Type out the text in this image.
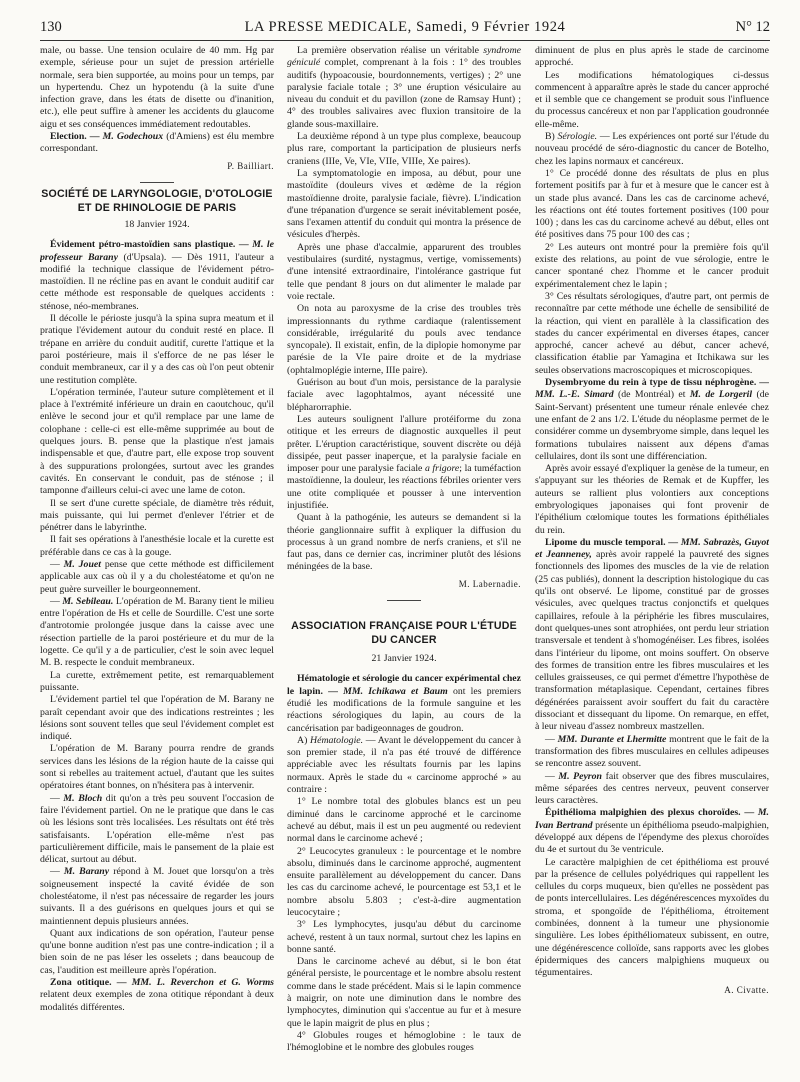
130	LA PRESSE MEDICALE, Samedi, 9 Février 1924	N° 12

male, ou basse. Une tension oculaire de 40 mm. Hg par exemple, sérieuse pour un sujet de pression artérielle normale, sera bien supportée, au moins pour un temps, par un hypertendu. Chez un hypotendu (à la suite d'une infection grave, dans les états de disette ou d'inanition, etc.), elle peut suffire à amener les accidents du glaucome aigu et ses conséquences immédiatement redoutables.

Election. — M. Godechoux (d'Amiens) est élu membre correspondant.

P. Bailliart.
SOCIÉTÉ DE LARYNGOLOGIE, D'OTOLOGIE ET DE RHINOLOGIE DE PARIS
18 Janvier 1924.

Évidement pétro-mastoïdien sans plastique. — M. le professeur Barany (d'Upsala). — Dès 1911, l'auteur a modifié la technique classique de l'évidement pétro-mastoïdien. Il ne récline pas en avant le conduit auditif car cette méthode est responsable de quelques accidents : sténose, néo-membranes.

Il décolle le périoste jusqu'à la spina supra meatum et il pratique l'évidement autour du conduit resté en place. Il trépane en arrière du conduit auditif, curette l'attique et la paroi postérieure, mais il s'efforce de ne pas léser le conduit membraneux, car il y a des cas où l'on peut obtenir une restitution complète.

L'opération terminée, l'auteur suture complètement et il place à l'extrémité inférieure un drain en caoutchouc, qu'il enlève le second jour et qu'il remplace par une lame de colophane : celle-ci est elle-même supprimée au bout de quelques jours. B. pense que la plastique n'est jamais indispensable et que, d'autre part, elle expose trop souvent à des suppurations prolongées, surtout avec les grandes cavités. En conservant le conduit, pas de sténose ; il tamponne d'ailleurs celui-ci avec une lame de coton.

Il se sert d'une curette spéciale, de diamètre très réduit, mais puissante, qui lui permet d'enlever l'étrier et de pénétrer dans le labyrinthe.

Il fait ses opérations à l'anesthésie locale et la curette est préférable dans ce cas à la gouge.

— M. Jouet pense que cette méthode est difficilement applicable aux cas où il y a du cholestéatome et qu'on ne peut guère surveiller le bourgeonnement.

— M. Sebileau. L'opération de M. Barany tient le milieu entre l'opération de Hs et celle de Sourdille. C'est une sorte d'antrotomie prolongée jusque dans la caisse avec une résection partielle de la paroi postérieure et du mur de la logette. Ce qu'il y a de particulier, c'est le soin avec lequel M. B. respecte le conduit membraneux.

La curette, extrêmement petite, est remarquablement puissante.

L'évidement partiel tel que l'opération de M. Barany ne paraît cependant avoir que des indications restreintes ; les lésions sont souvent telles que seul l'évidement complet est indiqué.

L'opération de M. Barany pourra rendre de grands services dans les lésions de la région haute de la caisse qui sont si rebelles au traitement actuel, d'autant que les suites opératoires étant bonnes, on n'hésitera pas à intervenir.

— M. Bloch dit qu'on a très peu souvent l'occasion de faire l'évidement partiel. On ne le pratique que dans le cas où les lésions sont très localisées. Les résultats ont été très satisfaisants. L'opération elle-même n'est pas particulièrement difficile, mais le pansement de la plaie est délicat, surtout au début.

— M. Barany répond à M. Jouet que lorsqu'on a très soigneusement inspecté la cavité évidée de son cholestéatome, il n'est pas nécessaire de regarder les jours suivants. Il a des guérisons en quelques jours et qui se maintiennent depuis plusieurs années.

Quant aux indications de son opération, l'auteur pense qu'une bonne audition n'est pas une contre-indication ; il a bien soin de ne pas léser les osselets ; dans beaucoup de cas, l'audition est meilleure après l'opération.

Zona otitique. — MM. L. Reverchon et G. Worms relatent deux exemples de zona otitique répondant à deux modalités différentes.

La première observation réalise un véritable syndrome géniculé complet, comprenant à la fois : 1° des troubles auditifs (hypoacousie, bourdonnements, vertiges) ; 2° une paralysie faciale totale ; 3° une éruption vésiculaire au niveau du conduit et du pavillon (zone de Ramsay Hunt) ; 4° des troubles salivaires avec fluxion transitoire de la glande sous-maxillaire.

La deuxième répond à un type plus complexe, beaucoup plus rare, comportant la participation de plusieurs nerfs craniens (IIIe, Ve, VIe, VIIe, VIIIe, Xe paires).

La symptomatologie en imposa, au début, pour une mastoïdite (douleurs vives et œdème de la région mastoïdienne droite, paralysie faciale, fièvre). L'indication d'une trépanation d'urgence se serait inévitablement posée, sans l'examen attentif du conduit qui montra la présence de vésicules d'herpès.

Après une phase d'accalmie, apparurent des troubles vestibulaires (surdité, nystagmus, vertige, vomissements) d'une intensité extraordinaire, l'intolérance gastrique fut telle que pendant 8 jours on dut alimenter le malade par voie rectale.

On nota au paroxysme de la crise des troubles très impressionnants du rythme cardiaque (ralentissement considérable, irrégularité du pouls avec tendance syncopale). Il existait, enfin, de la diplopie homonyme par parésie de la VIe paire droite et de la mydriase (ophtalmoplégie interne, IIIe paire).

Guérison au bout d'un mois, persistance de la paralysie faciale avec lagophtalmos, ayant nécessité une blépharorraphie.

Les auteurs soulignent l'allure protéiforme du zona otitique et les erreurs de diagnostic auxquelles il peut prêter. L'éruption caractéristique, souvent discrète ou déjà dissipée, peut passer inaperçue, et la paralysie faciale en imposer pour une paralysie faciale a frigore; la tuméfaction mastoïdienne, la douleur, les réactions fébriles orienter vers une otite compliquée et pousser à une intervention injustifiée.

Quant à la pathogénie, les auteurs se demandent si la théorie ganglionnaire suffit à expliquer la diffusion du processus à un grand nombre de nerfs craniens, et s'il ne faut pas, dans ce dernier cas, incriminer plutôt des lésions méningées de la base.

M. Labernadie.
ASSOCIATION FRANÇAISE POUR L'ÉTUDE DU CANCER
21 Janvier 1924.

Hématologie et sérologie du cancer expérimental chez le lapin. — MM. Ichikawa et Baum ont les premiers étudié les modifications de la formule sanguine et les réactions sérologiques du lapin, au cours de la cancérisation par badigeonnages de goudron.

A) Hématologie. — Avant le développement du cancer à son premier stade, il n'a pas été trouvé de différence appréciable avec les résultats fournis par les lapins normaux. Après le stade du « carcinome approché » au contraire :

1° Le nombre total des globules blancs est un peu diminué dans le carcinome approché et le carcinome achevé au début, mais il est un peu augmenté ou redevient normal dans le carcinome achevé ;

2° Leucocytes granuleux : le pourcentage et le nombre absolu, diminués dans le carcinome approché, augmentent ensuite parallèlement au développement du cancer. Dans les cas du carcinome achevé, le pourcentage est 53,1 et le nombre absolu 5.803 ; c'est-à-dire augmentation leucocytaire ;

3° Les lymphocytes, jusqu'au début du carcinome achevé, restent à un taux normal, surtout chez les lapins en bonne santé.

Dans le carcinome achevé au début, si le bon état général persiste, le pourcentage et le nombre absolu restent comme dans le stade précédent. Mais si le lapin commence à maigrir, on note une diminution dans le nombre des lymphocytes, diminution qui s'accentue au fur et à mesure que le lapin maigrit de plus en plus ;

4° Globules rouges et hémoglobine : le taux de l'hémoglobine et le nombre des globules rouges

diminuent de plus en plus après le stade de carcinome approché.

Les modifications hématologiques ci-dessus commencent à apparaître après le stade du cancer approché et il semble que ce changement se produit sous l'influence du processus cancéreux et non par l'application goudronnée elle-même.

B) Sérologie. — Les expériences ont porté sur l'étude du nouveau procédé de séro-diagnostic du cancer de Botelho, chez les lapins normaux et cancéreux.

1° Ce procédé donne des résultats de plus en plus fortement positifs par à fur et à mesure que le cancer est à un stade plus avancé. Dans les cas de carcinome achevé, les réactions ont été toutes fortement positives (100 pour 100) ; dans les cas du carcinome achevé au début, elles ont été positives dans 75 pour 100 des cas ;

2° Les auteurs ont montré pour la première fois qu'il existe des relations, au point de vue sérologie, entre le cancer spontané chez l'homme et le cancer produit expérimentalement chez le lapin ;

3° Ces résultats sérologiques, d'autre part, ont permis de reconnaître par cette méthode une échelle de sensibilité de la réaction, qui vient en parallèle à la classification des stades du cancer expérimental en diverses étapes, cancer approché, cancer achevé au début, cancer achevé, classification établie par Yamagina et Itchikawa sur les seules observations macroscopiques et microscopiques.

Dysembryome du rein à type de tissu néphrogène. — MM. L.-E. Simard (de Montréal) et M. de Lorgeril (de Saint-Servant) présentent une tumeur rénale enlevée chez une enfant de 2 ans 1/2. L'étude du néoplasme permet de le considérer comme un dysembryome simple, dans lequel les formations tubulaires naissent aux dépens d'amas cellulaires, dont ils sont une différenciation.

Après avoir essayé d'expliquer la genèse de la tumeur, en s'appuyant sur les théories de Remak et de Kupffer, les auteurs se rallient plus volontiers aux conceptions embryologiques japonaises qui font provenir de l'épithélium cœlomique toutes les formations épithéliales du rein.

Lipome du muscle temporal. — MM. Sabrazès, Guyot et Jeanneney, après avoir rappelé la pauvreté des signes fonctionnels des lipomes des muscles de la vie de relation (25 cas publiés), donnent la description histologique du cas qu'ils ont observé. Le lipome, constitué par de grosses vésicules, avec quelques tractus conjonctifs et quelques capillaires, refoule à la périphérie les fibres musculaires, dont quelques-unes sont atrophiées, ont perdu leur striation transversale et tendent à s'homogénéiser. Les fibres, isolées dans l'intérieur du lipome, ont moins souffert. On observe des formes de transition entre les fibres musculaires et les cellules graisseuses, ce qui permet d'émettre l'hypothèse de transformation métaplasique. Cependant, certaines fibres dégénérées paraissent avoir souffert du fait du caractère dissociant et dissequant du lipome. On remarque, en effet, à leur niveau d'assez nombreux mastzellen.

— MM. Durante et Lhermitte montrent que le fait de la transformation des fibres musculaires en cellules adipeuses se rencontre assez souvent.

— M. Peyron fait observer que des fibres musculaires, même séparées des centres nerveux, peuvent conserver leurs caractères.

Épithélioma malpighien des plexus choroïdes. — M. Ivan Bertrand présente un épithélioma pseudo-malpighien, développé aux dépens de l'épendyme des plexus choroïdes du 4e et surtout du 3e ventricule.

Le caractère malpighien de cet épithélioma est prouvé par la présence de cellules polyédriques qui rappellent les cellules du corps muqueux, bien qu'elles ne possèdent pas de ponts intercellulaires. Les dégénérescences myxoïdes du stroma, et spongoïde de l'épithélioma, étroitement combinées, donnent à la tumeur une physionomie singulière. Les lobes épithéliomateux subissent, en outre, une dégénérescence colloïde, sans rapports avec les globes épidermiques des cancers malpighiens muqueux ou tégumentaires.

A. Civatte.
